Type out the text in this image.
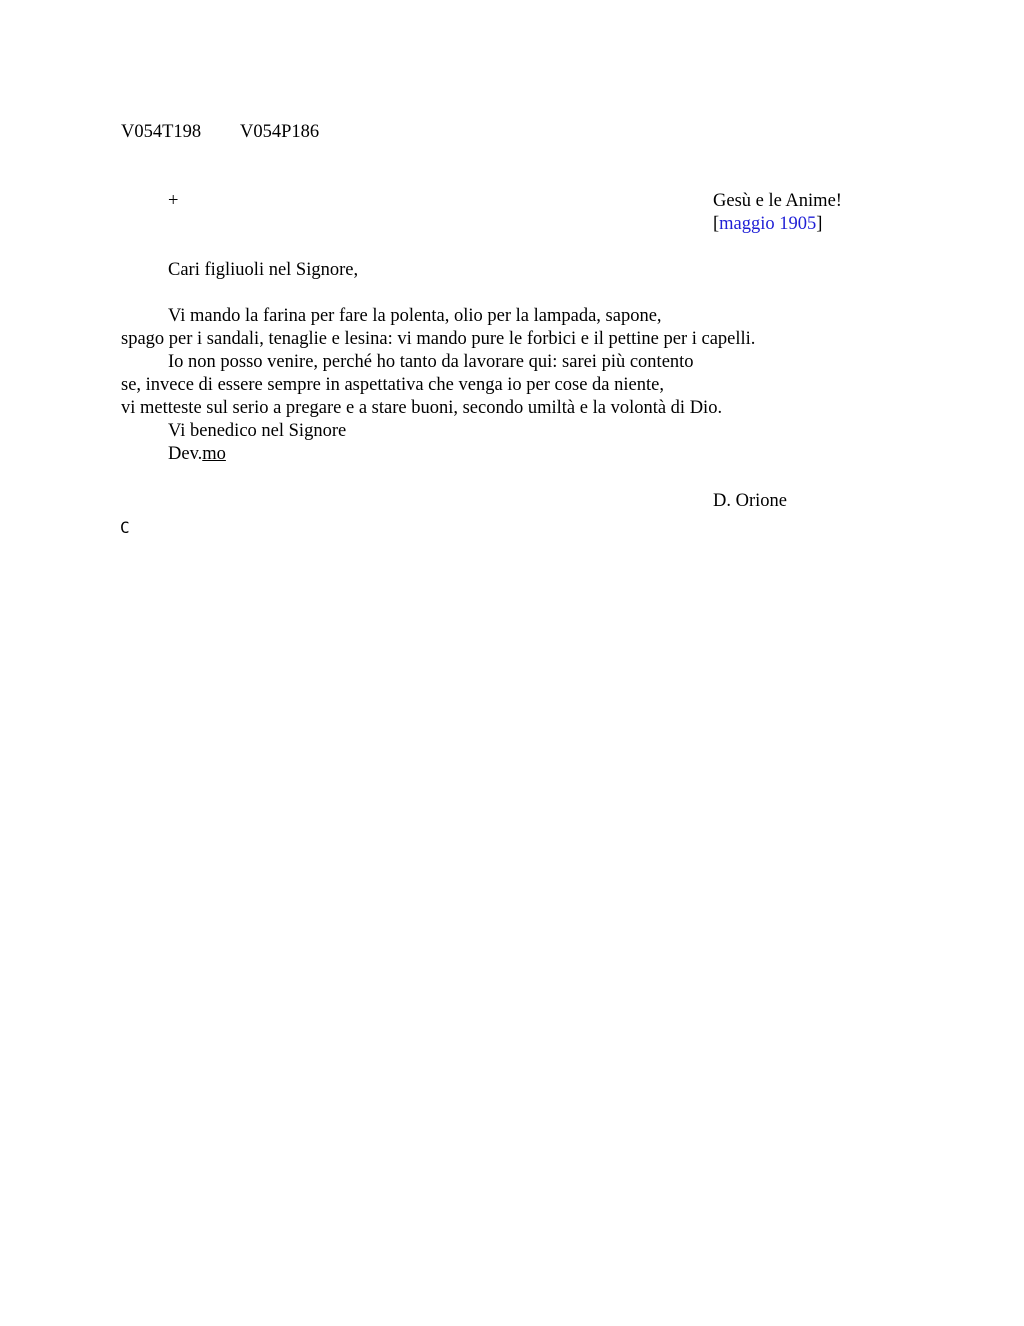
V054T198 V054P186
+	Gesù e le Anime!
[maggio 1905]
Cari figliuoli nel Signore,
Vi mando la farina per fare la polenta, olio per la lampada, sapone,
spago per i sandali, tenaglie e lesina: vi mando pure le forbici e il pettine per i capelli.
Io non posso venire, perché ho tanto da lavorare qui: sarei più contento
se, invece di essere sempre in aspettativa che venga io per cose da niente,
vi metteste sul serio a pregare e a stare buoni, secondo umiltà e la volontà di Dio.
Vi benedico nel Signore
Dev.mo
D. Orione
C
